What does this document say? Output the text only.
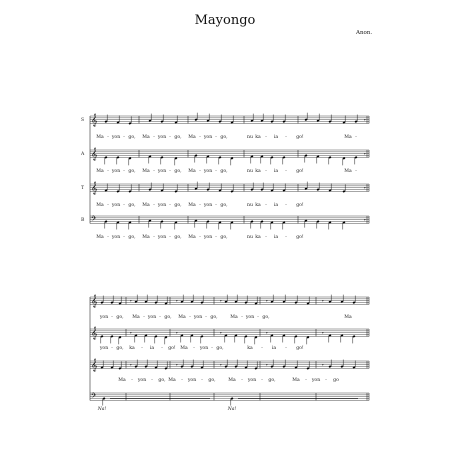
Mayongo
Anon.
𝄞
S
𝄞
A
𝄞
T
𝄢
B
𝄾
𝄾
𝄾
𝄾
Ma - yon - go, Ma - yon - go, Ma - yon - go,	nu ka - ia - go!	Ma -
Ma - yon - go, Ma - yon - go, Ma - yon - go,	nu ka - ia - go!	Ma -
Ma - yon - go, Ma - yon - go, Ma - yon - go,	nu ka - ia - go!
Ma - yon - go, Ma - yon - go, Ma - yon - go,	nu ka - ia - go!
𝄞
𝄞
𝄞
𝄢
𝄾	𝄾	𝄾	𝄾	𝄾
𝄾	𝄾	𝄾	𝄾	𝄾
𝄾	𝄾	𝄾	𝄾	𝄾
yon - go, Ma - yon - go, Ma - yon - go,	Ma - yon - go,	Ma
yon - go, ka - ia - go! Ma - yon - go,	ka - ia - go!
Ma - yon - go, Ma - yon - go,	Ma - yon - go,	Ma - yon - go
Na!	Na!
